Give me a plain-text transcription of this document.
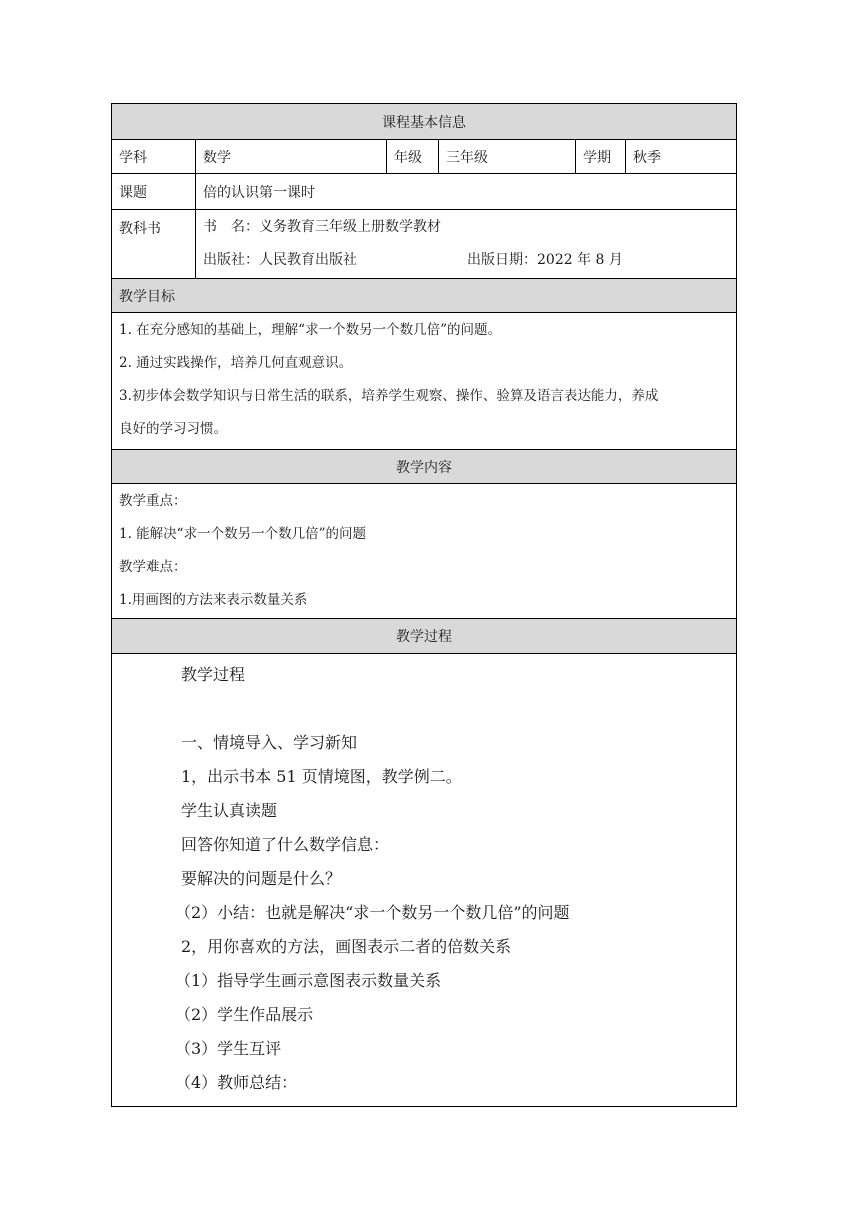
课程基本信息
学科	数学	年级	三年级	学期	秋季
课题	倍的认识第一课时
教科书	书　名：义务教育三年级上册数学教材
出版社：人民教育出版社	出版日期：2022 年 8 月
教学目标

1. 在充分感知的基础上，理解“求一个数另一个数几倍”的问题。

2. 通过实践操作，培养几何直观意识。

3.初步体会数学知识与日常生活的联系，培养学生观察、操作、验算及语言表达能力，养成

良好的学习习惯。

教学内容

教学重点：

1. 能解决“求一个数另一个数几倍”的问题

教学难点：

1.用画图的方法来表示数量关系

教学过程

教学过程

一、情境导入、学习新知

1，出示书本 51 页情境图，教学例二。

学生认真读题

回答你知道了什么数学信息：

要解决的问题是什么？

（2）小结：也就是解决“求一个数另一个数几倍”的问题

2，用你喜欢的方法，画图表示二者的倍数关系

（1）指导学生画示意图表示数量关系

（2）学生作品展示

（3）学生互评

（4）教师总结：
